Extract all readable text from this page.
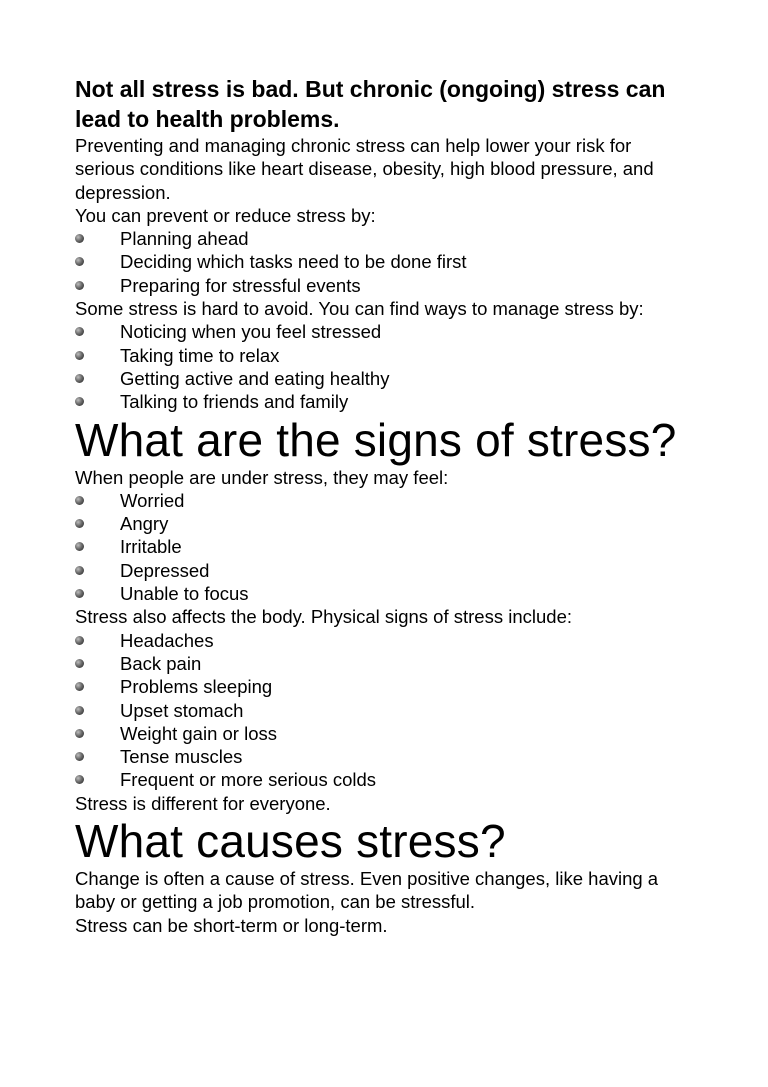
Not all stress is bad. But chronic (ongoing) stress can lead to health problems.

Preventing and managing chronic stress can help lower your risk for serious conditions like heart disease, obesity, high blood pressure, and depression.

You can prevent or reduce stress by:

Planning ahead
Deciding which tasks need to be done first
Preparing for stressful events

Some stress is hard to avoid. You can find ways to manage stress by:

Noticing when you feel stressed
Taking time to relax
Getting active and eating healthy
Talking to friends and family
What are the signs of stress?

When people are under stress, they may feel:

Worried
Angry
Irritable
Depressed
Unable to focus

Stress also affects the body. Physical signs of stress include:

Headaches
Back pain
Problems sleeping
Upset stomach
Weight gain or loss
Tense muscles
Frequent or more serious colds

Stress is different for everyone.

What causes stress?

Change is often a cause of stress. Even positive changes, like having a baby or getting a job promotion, can be stressful.

Stress can be short-term or long-term.
